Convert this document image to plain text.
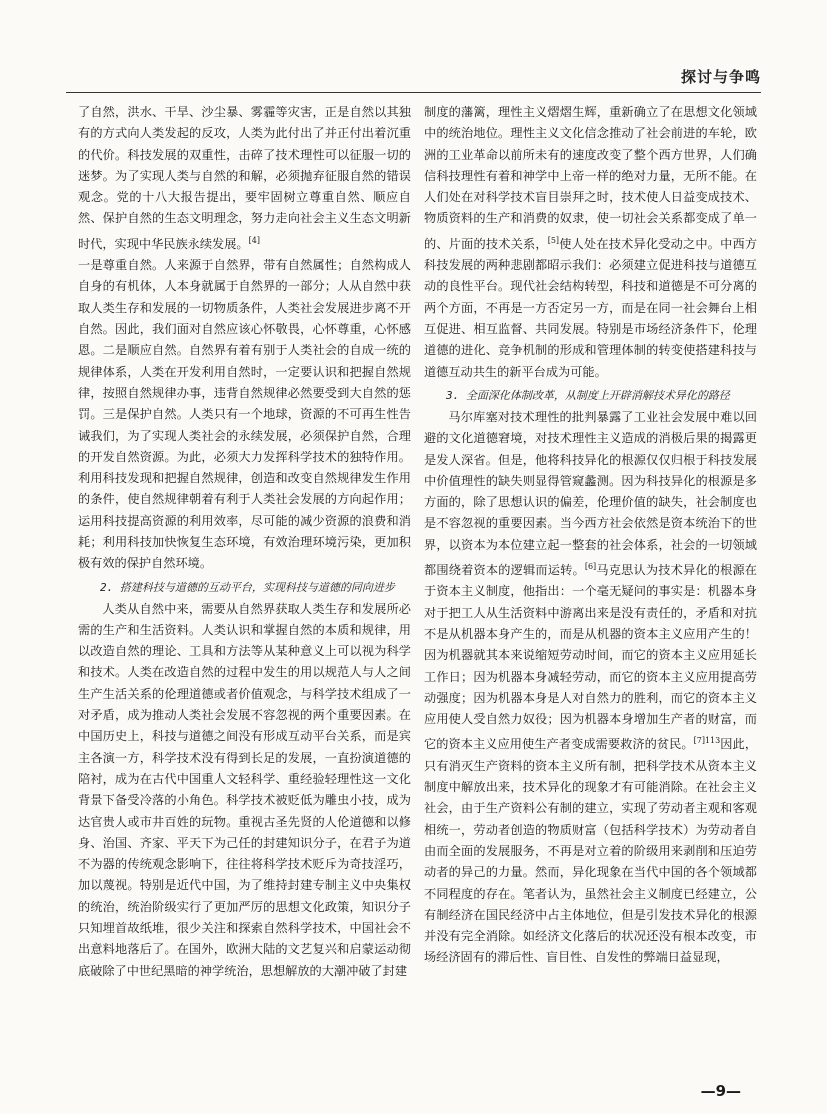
探讨与争鸣

了自然，洪水、干旱、沙尘暴、雾霾等灾害，正是自然以其独有的方式向人类发起的反攻，人类为此付出了并正付出着沉重的代价。科技发展的双重性，击碎了技术理性可以征服一切的迷梦。为了实现人类与自然的和解，必须抛弃征服自然的错误观念。党的十八大报告提出，要牢固树立尊重自然、顺应自然、保护自然的生态文明理念，努力走向社会主义生态文明新时代，实现中华民族永续发展。[4]

一是尊重自然。人来源于自然界，带有自然属性；自然构成人自身的有机体，人本身就属于自然界的一部分；人从自然中获取人类生存和发展的一切物质条件，人类社会发展进步离不开自然。因此，我们面对自然应该心怀敬畏，心怀尊重，心怀感恩。二是顺应自然。自然界有着有别于人类社会的自成一统的规律体系，人类在开发利用自然时，一定要认识和把握自然规律，按照自然规律办事，违背自然规律必然要受到大自然的惩罚。三是保护自然。人类只有一个地球，资源的不可再生性告诫我们，为了实现人类社会的永续发展，必须保护自然，合理的开发自然资源。为此，必须大力发挥科学技术的独特作用。利用科技发现和把握自然规律，创造和改变自然规律发生作用的条件，使自然规律朝着有利于人类社会发展的方向起作用；运用科技提高资源的利用效率，尽可能的减少资源的浪费和消耗；利用科技加快恢复生态环境，有效治理环境污染，更加积极有效的保护自然环境。

2. 搭建科技与道德的互动平台，实现科技与道德的同向进步

人类从自然中来，需要从自然界获取人类生存和发展所必需的生产和生活资料。人类认识和掌握自然的本质和规律，用以改造自然的理论、工具和方法等从某种意义上可以视为科学和技术。人类在改造自然的过程中发生的用以规范人与人之间生产生活关系的伦理道德或者价值观念，与科学技术组成了一对矛盾，成为推动人类社会发展不容忽视的两个重要因素。在中国历史上，科技与道德之间没有形成互动平台关系，而是宾主各演一方，科学技术没有得到长足的发展，一直扮演道德的陪衬，成为在古代中国重人文轻科学、重经验轻理性这一文化背景下备受冷落的小角色。科学技术被贬低为雕虫小技，成为达官贵人或市井百姓的玩物。重视古圣先贤的人伦道德和以修身、治国、齐家、平天下为己任的封建知识分子，在君子为道不为器的传统观念影响下，往往将科学技术贬斥为奇技淫巧，加以蔑视。特别是近代中国，为了维持封建专制主义中央集权的统治，统治阶级实行了更加严厉的思想文化政策，知识分子只知埋首故纸堆，很少关注和探索自然科学技术，中国社会不出意料地落后了。在国外，欧洲大陆的文艺复兴和启蒙运动彻底破除了中世纪黑暗的神学统治，思想解放的大潮冲破了封建

制度的藩篱，理性主义熠熠生辉，重新确立了在思想文化领域中的统治地位。理性主义文化信念推动了社会前进的车轮，欧洲的工业革命以前所未有的速度改变了整个西方世界，人们确信科技理性有着和神学中上帝一样的绝对力量，无所不能。在人们处在对科学技术盲目崇拜之时，技术使人日益变成技术、物质资料的生产和消费的奴隶，使一切社会关系都变成了单一的、片面的技术关系，[5]使人处在技术异化受动之中。中西方科技发展的两种悲剧都昭示我们：必须建立促进科技与道德互动的良性平台。现代社会结构转型，科技和道德是不可分离的两个方面，不再是一方否定另一方，而是在同一社会舞台上相互促进、相互监督、共同发展。特别是市场经济条件下，伦理道德的进化、竞争机制的形成和管理体制的转变使搭建科技与道德互动共生的新平台成为可能。

3. 全面深化体制改革，从制度上开辟消解技术异化的路径

马尔库塞对技术理性的批判暴露了工业社会发展中难以回避的文化道德窘境，对技术理性主义造成的消极后果的揭露更是发人深省。但是，他将科技异化的根源仅仅归根于科技发展中价值理性的缺失则显得管窥蠡测。因为科技异化的根源是多方面的，除了思想认识的偏差，伦理价值的缺失，社会制度也是不容忽视的重要因素。当今西方社会依然是资本统治下的世界，以资本为本位建立起一整套的社会体系，社会的一切领域都围绕着资本的逻辑而运转。[6]马克思认为技术异化的根源在于资本主义制度，他指出：一个毫无疑问的事实是：机器本身对于把工人从生活资料中游离出来是没有责任的，矛盾和对抗不是从机器本身产生的，而是从机器的资本主义应用产生的！因为机器就其本来说缩短劳动时间，而它的资本主义应用延长工作日；因为机器本身减轻劳动，而它的资本主义应用提高劳动强度；因为机器本身是人对自然力的胜利，而它的资本主义应用使人受自然力奴役；因为机器本身增加生产者的财富，而它的资本主义应用使生产者变成需要救济的贫民。$^{[7]113}$因此，只有消灭生产资料的资本主义所有制，把科学技术从资本主义制度中解放出来，技术异化的现象才有可能消除。在社会主义社会，由于生产资料公有制的建立，实现了劳动者主观和客观相统一，劳动者创造的物质财富（包括科学技术）为劳动者自由而全面的发展服务，不再是对立着的阶级用来剥削和压迫劳动者的异己的力量。然而，异化现象在当代中国的各个领域都不同程度的存在。笔者认为，虽然社会主义制度已经建立，公有制经济在国民经济中占主体地位，但是引发技术异化的根源并没有完全消除。如经济文化落后的状况还没有根本改变，市场经济固有的滞后性、盲目性、自发性的弊端日益显现，

—9—
